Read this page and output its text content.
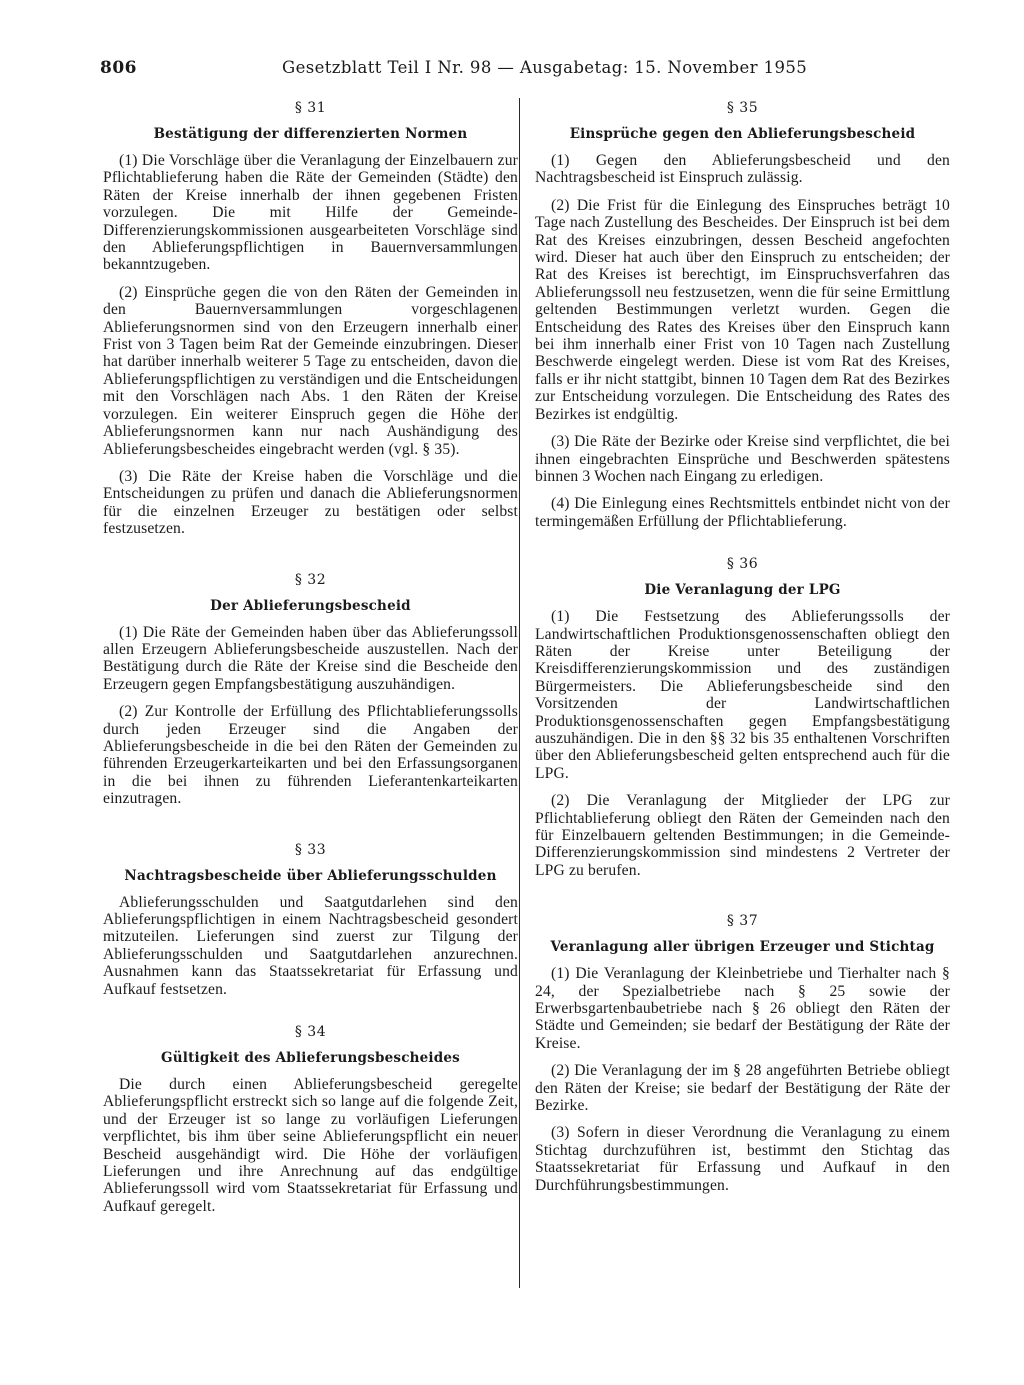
806	Gesetzblatt Teil I Nr. 98 — Ausgabetag: 15. November 1955
§ 31
Bestätigung der differenzierten Normen

(1) Die Vorschläge über die Veranlagung der Einzelbauern zur Pflichtablieferung haben die Räte der Gemeinden (Städte) den Räten der Kreise innerhalb der ihnen gegebenen Fristen vorzulegen. Die mit Hilfe der Gemeinde-Differenzierungskommissionen ausgearbeiteten Vorschläge sind den Ablieferungspflichtigen in Bauernversammlungen bekanntzugeben.

(2) Einsprüche gegen die von den Räten der Gemeinden in den Bauernversammlungen vorgeschlagenen Ablieferungsnormen sind von den Erzeugern innerhalb einer Frist von 3 Tagen beim Rat der Gemeinde einzubringen. Dieser hat darüber innerhalb weiterer 5 Tage zu entscheiden, davon die Ablieferungspflichtigen zu verständigen und die Entscheidungen mit den Vorschlägen nach Abs. 1 den Räten der Kreise vorzulegen. Ein weiterer Einspruch gegen die Höhe der Ablieferungsnormen kann nur nach Aushändigung des Ablieferungsbescheides eingebracht werden (vgl. § 35).

(3) Die Räte der Kreise haben die Vorschläge und die Entscheidungen zu prüfen und danach die Ablieferungsnormen für die einzelnen Erzeuger zu bestätigen oder selbst festzusetzen.

§ 32
Der Ablieferungsbescheid

(1) Die Räte der Gemeinden haben über das Ablieferungssoll allen Erzeugern Ablieferungsbescheide auszustellen. Nach der Bestätigung durch die Räte der Kreise sind die Bescheide den Erzeugern gegen Empfangsbestätigung auszuhändigen.

(2) Zur Kontrolle der Erfüllung des Pflichtablieferungssolls durch jeden Erzeuger sind die Angaben der Ablieferungsbescheide in die bei den Räten der Gemeinden zu führenden Erzeugerkarteikarten und bei den Erfassungsorganen in die bei ihnen zu führenden Lieferantenkarteikarten einzutragen.

§ 33
Nachtragsbescheide über Ablieferungsschulden

Ablieferungsschulden und Saatgutdarlehen sind den Ablieferungspflichtigen in einem Nachtragsbescheid gesondert mitzuteilen. Lieferungen sind zuerst zur Tilgung der Ablieferungsschulden und Saatgutdarlehen anzurechnen. Ausnahmen kann das Staatssekretariat für Erfassung und Aufkauf festsetzen.

§ 34
Gültigkeit des Ablieferungsbescheides

Die durch einen Ablieferungsbescheid geregelte Ablieferungspflicht erstreckt sich so lange auf die folgende Zeit, und der Erzeuger ist so lange zu vorläufigen Lieferungen verpflichtet, bis ihm über seine Ablieferungspflicht ein neuer Bescheid ausgehändigt wird. Die Höhe der vorläufigen Lieferungen und ihre Anrechnung auf das endgültige Ablieferungssoll wird vom Staatssekretariat für Erfassung und Aufkauf geregelt.

§ 35
Einsprüche gegen den Ablieferungsbescheid

(1) Gegen den Ablieferungsbescheid und den Nachtragsbescheid ist Einspruch zulässig.

(2) Die Frist für die Einlegung des Einspruches beträgt 10 Tage nach Zustellung des Bescheides. Der Einspruch ist bei dem Rat des Kreises einzubringen, dessen Bescheid angefochten wird. Dieser hat auch über den Einspruch zu entscheiden; der Rat des Kreises ist berechtigt, im Einspruchsverfahren das Ablieferungssoll neu festzusetzen, wenn die für seine Ermittlung geltenden Bestimmungen verletzt wurden. Gegen die Entscheidung des Rates des Kreises über den Einspruch kann bei ihm innerhalb einer Frist von 10 Tagen nach Zustellung Beschwerde eingelegt werden. Diese ist vom Rat des Kreises, falls er ihr nicht stattgibt, binnen 10 Tagen dem Rat des Bezirkes zur Entscheidung vorzulegen. Die Entscheidung des Rates des Bezirkes ist endgültig.

(3) Die Räte der Bezirke oder Kreise sind verpflichtet, die bei ihnen eingebrachten Einsprüche und Beschwerden spätestens binnen 3 Wochen nach Eingang zu erledigen.

(4) Die Einlegung eines Rechtsmittels entbindet nicht von der termingemäßen Erfüllung der Pflichtablieferung.

§ 36
Die Veranlagung der LPG

(1) Die Festsetzung des Ablieferungssolls der Landwirtschaftlichen Produktionsgenossenschaften obliegt den Räten der Kreise unter Beteiligung der Kreisdifferenzierungskommission und des zuständigen Bürgermeisters. Die Ablieferungsbescheide sind den Vorsitzenden der Landwirtschaftlichen Produktionsgenossenschaften gegen Empfangsbestätigung auszuhändigen. Die in den §§ 32 bis 35 enthaltenen Vorschriften über den Ablieferungsbescheid gelten entsprechend auch für die LPG.

(2) Die Veranlagung der Mitglieder der LPG zur Pflichtablieferung obliegt den Räten der Gemeinden nach den für Einzelbauern geltenden Bestimmungen; in die Gemeinde-Differenzierungskommission sind mindestens 2 Vertreter der LPG zu berufen.

§ 37
Veranlagung aller übrigen Erzeuger und Stichtag

(1) Die Veranlagung der Kleinbetriebe und Tierhalter nach § 24, der Spezialbetriebe nach § 25 sowie der Erwerbsgartenbaubetriebe nach § 26 obliegt den Räten der Städte und Gemeinden; sie bedarf der Bestätigung der Räte der Kreise.

(2) Die Veranlagung der im § 28 angeführten Betriebe obliegt den Räten der Kreise; sie bedarf der Bestätigung der Räte der Bezirke.

(3) Sofern in dieser Verordnung die Veranlagung zu einem Stichtag durchzuführen ist, bestimmt den Stichtag das Staatssekretariat für Erfassung und Aufkauf in den Durchführungsbestimmungen.
